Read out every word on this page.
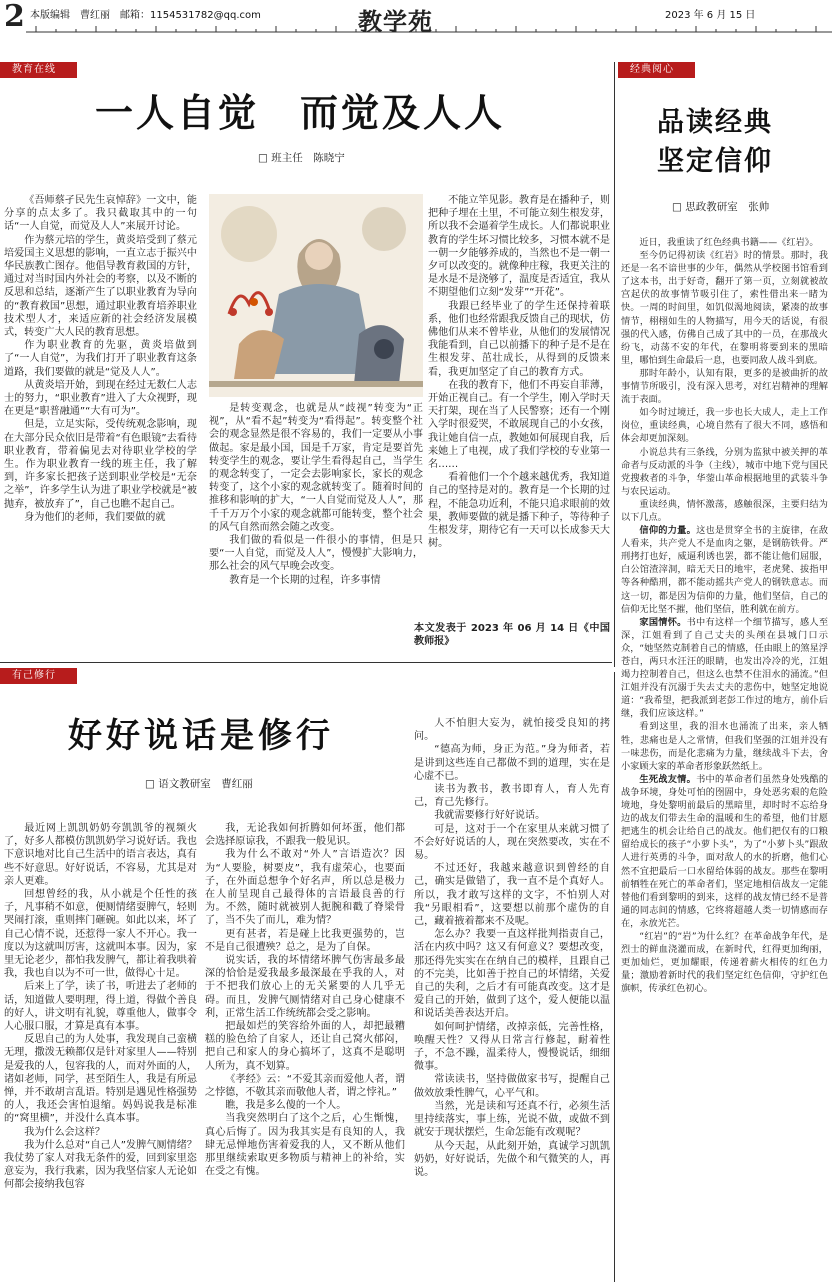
2 本版编辑　曹红丽 邮箱：1154531782@qq.com	教学苑	2023 年 6 月 15 日
教育在线
一人自觉　而觉及人人
□ 班主任　陈晓宁

《吾师蔡孑民先生哀悼辞》一文中，能分享的点太多了。我只截取其中的一句话“一人自觉，而觉及人人”来展开讨论。

作为蔡元培的学生，黄炎培受到了蔡元培爱国主义思想的影响，一直立志于振兴中华民族教亡图存。他倡导教育救国的方针，通过对当时国内外社会的考察，以及不断的反思和总结，逐渐产生了以职业教育为导向的“教育救国”思想，通过职业教育培养职业技术型人才，来适应新的社会经济发展模式，转变广大人民的教育思想。

作为职业教育的先驱，黄炎培做到了“一人自觉”，为我们打开了职业教育这条道路，我们要做的就是“觉及人人”。

从黄炎培开始，到现在经过无数仁人志士的努力，“职业教育”进入了大众视野，现在更是“职普融通”“大有可为”。

但是，立足实际，受传统观念影响，现在大部分民众依旧是带着“有色眼镜”去看待职业教育，带着偏见去对待职业学校的学生。作为职业教育一线的班主任，我了解到，许多家长把孩子送到职业学校是“无奈之举”，许多学生认为进了职业学校就是“被抛弃，被放弃了”，自己也瞧不起自己。

身为他们的老师，我们要做的就

是转变观念，也就是从“歧视”转变为“正视”，从“看不起”转变为“看得起”。转变整个社会的观念显然是很不容易的，我们一定要从小事做起。家是最小国，国是千万家，肯定是要首先转变学生的观念，要让学生看得起自己，当学生的观念转变了，一定会去影响家长，家长的观念转变了，这个小家的观念就转变了。随着时间的推移和影响的扩大，“一人自觉而觉及人人”，那千千万万个小家的观念就都可能转变，整个社会的风气自然而然会随之改变。

我们做的看似是一件很小的事情，但是只要“一人自觉，而觉及人人”，慢慢扩大影响力，那么社会的风气早晚会改变。

教育是一个长期的过程，许多事情

不能立竿见影。教育是在播种子，则把种子埋在土里，不可能立刻生根发芽，所以我不会逼着学生成长。人们都说职业教育的学生坏习惯比较多，习惯本就不是一朝一夕能够养成的，当然也不是一朝一夕可以改变的。就像种庄稼，我更关注的是水是不是浇够了，温度是否适宜，我从不期望他们立刻“发芽”“开花”。

我跟已经毕业了的学生还保持着联系，他们也经常跟我反馈自己的现状，仿佛他们从来不曾毕业，从他们的发展情况我能看到，自己以前播下的种子是不是在生根发芽、茁壮成长，从得到的反馈来看，我更加坚定了自己的教育方式。

在我的教育下，他们不再妄自菲薄，开始正视自己。有一个学生，刚入学时天天打架，现在当了人民警察；还有一个刚入学时很爱哭，不敢展现自己的小女孩，我让她自信一点，教她如何展现自我，后来她上了电视，成了我们学校的专业第一名……

看着他们一个个越来越优秀，我知道自己的坚持是对的。教育是一个长期的过程，不能急功近利，不能只追求眼前的效果，教师要做的就是播下种子，等待种子生根发芽，期待它有一天可以长成参天大树。

本文发表于 2023 年 06 月 14 日《中国教师报》
有己修行
好好说话是修行
□ 语文教研室　曹红丽

最近网上凯凯奶奶夸凯凯爷的视频火了，好多人都模仿凯凯奶学习说好话。我也下意识地对比自己生活中的语言表达，真有些不好意思。好好说话，不容易，尤其是对亲人更难。

回想曾经的我，从小就是个任性的孩子，凡事稍不如意，便厕情绪耍脾气，轻则哭闹打滚，重则摔门砸碗。如此以来，坏了自己心情不说，还惹得一家人不开心。我一度以为这就叫厉害，这就叫本事。因为，家里无论老少，都怕我发脾气，都让着我哄着我，我也自以为不可一世，做得心十足。

后来上了学，读了书，听进去了老师的话，知道做人要明理，得上道，得做个善良的好人，讲文明有礼貌，尊重他人，做事令人心服口服，才算是真有本事。

反思自己的为人处事，我发现自己蛮横无理，撒泼无赖都仅是针对家里人——特别是爱我的人，包容我的人，而对外面的人，诸如老师，同学，甚至陌生人，我是有所忌惮，并不敢胡言乱语。特别是遇见性格强势的人，我还会害怕退缩。妈妈说我是标准的“窝里横”，并没什么真本事。

我为什么会这样？

我为什么总对“自己人”发脾气厕情绪？我仗势了家人对我无条件的爱，回到家里恣意妄为，我行我素，因为我坚信家人无论如何都会接纳我包容

我，无论我如何折腾如何坏蛋，他们都会选择原谅我，不跟我一般见识。

我为什么不敢对“外人”言语造次？因为“人要脸，树要皮”，我有虚荣心，也要面子，在外面总想争个好名声，所以总是极力在人前呈现自己最得体的言语最良善的行为。不然，随时就被别人扼腕和戳了脊梁骨了，当不失了而儿，难为情？

更有甚者，若是碰上比我更强势的，岂不是自己很遭殃？总之，是为了自保。

说实话，我的坏情绪坏脾气伤害最多最深的恰恰是爱我最多最深最在乎我的人，对于不把我们放心上的无关紧要的人几乎无碍。而且，发脾气厕情绪对自己身心健康不利，正常生活工作统统都会受之影响。

把最如烂的笑容给外面的人，却把最糟糕的脸色给了自家人，还让自己窝火郁闷，把自己和家人的身心搞坏了，这真不是聪明人所为，真不划算。

《孝经》云：“不爱其亲而爱他人者，谓之悖德，不敬其亲而敬他人者，谓之悖礼。”

瞧，我是多么傻的一个人。

当我突然明白了这个之后，心生惭愧，真心后悔了。因为我其实是有良知的人，我肆无忌惮地伤害着爱我的人，又不断从他们那里继续索取更多物质与精神上的补给，实在受之有愧。

人不怕胆大妄为，就怕接受良知的拷问。

“德高为师，身正为范。”身为师者，若是讲到这些连自己都做不到的道理，实在是心虚不已。

读书为教书，教书即育人，育人先育己，育己先修行。

我就需要修行好好说话。

可是，这对于一个在家里从来就习惯了不会好好说话的人，现在突然要改，实在不易。

不过还好，我越来越意识到曾经的自己，确实是做错了，我一直不是个真好人。所以，我才敢写这样的文字，不怕别人对我“另眼相看”，这要想以前那个虚伪的自己，藏着掖着都来不及呢。

怎么办？我要一直这样批判指责自己，活在内疚中吗？这又有何意义？要想改变，那还得先实实在在纳自己的模样，且跟自己的不完美，比如善于控自己的坏情绪，关爱自己的失利，之后才有可能真改变。这才是爱自己的开始，做到了这个，爱人便能以温和说话美善表达开启。

如何呵护情绪，改掉亲低，完善性格，唤醒天性？又得从日常言行修起，耐着性子，不急不躁，温柔待人，慢慢说话，细细微事。

常读读书，坚持做做家书写，提醒自己做效放秉性脾气，心平气和。

当然，光是读和写还真不行，必须生活里持续落实，事上练，光说不做，或做不到就安于现状摆烂，生命怎能有改观呢？

从今天起，从此刻开始，真诚学习凯凯奶奶，好好说话，先做个和气微笑的人，再说。

经典阅心
品读经典
坚定信仰
□ 思政教研室　张帅

近日，我重读了红色经典书籍——《红岩》。

至今仍记得初读《红岩》时的情景。那时，我还是一名不谙世事的少年，偶然从学校图书馆看到了这本书，出于好奇，翻开了第一页，立刻就被故宫起伏的故事情节吸引住了，索性借出来一睹为快。一周的时间里，如饥似渴地阅读，紧凑的故事情节，栩栩如生的人物描写，用今天的话说，有很强的代入感，仿佛自己成了其中的一员，在那战火纷飞，动荡不安的年代，在黎明将要到来的黑暗里，哪怕到生命最后一息，也要同敌人战斗到底。

那时年龄小，认知有限，更多的是被曲折的故事情节所吸引，没有深入思考，对红岩精神的理解流于表面。

如今时过境迁，我一步也长大成人，走上工作岗位，重读经典，心境自然有了很大不同，感悟和体会却更加深刻。

小说总共有三条线，分别为监狱中被关押的革命者与反动派的斗争（主线），城市中地下党与国民党搜救者的斗争，华蓥山革命根据地里的武装斗争与农民运动。

重读经典，情怀激荡，感触很深，主要归结为以下几点。

信仰的力量。这也是贯穿全书的主旋律，在敌人看来，共产党人不是血肉之躯，是钢筋铁骨。严刑拷打也好，威逼利诱也罢，都不能让他们屈服，白公馆渣滓洞，暗无天日的地牢，老虎凳、拔指甲等各种酷刑，都不能动摇共产党人的钢铁意志。而这一切，都是因为信仰的力量，他们坚信，自己的信仰无比坚不摧，他们坚信，胜利就在前方。

家国情怀。书中有这样一个细节描写，感人至深，江姐看到了自己丈夫的头颅在县城门口示众，“她坚然克制着自己的情感，任由眼上的煞星浮苍白，两只水汪汪的眼睛，也发出冷冷的光，江姐竭力控制着自己，但这么也禁不住泪水的涌流。”但江姐并没有沉溺于失去丈夫的悲伤中，她坚定地说道：“我希望，把我派到老彭工作过的地方，前仆后继，我们应该这样。”

看到这里，我的泪水也涌流了出来，亲人牺牲，悲痛也是人之常情，但我们坚强的江姐并没有一味悲伤，而是化悲痛为力量，继续战斗下去，舍小家顾大家的革命者形象跃然纸上。

生死战友情。书中的革命者们虽然身处残酷的战争环境，身处可怕的囹圄中，身处恶劣艰的危险境地，身处黎明前最后的黑暗里，却时时不忘给身边的战友们带去生命的温暖和生的希望，他们甘愿把逃生的机会让给自己的战友。他们把仅有的口粮留给成长的孩子“小萝卜头”，为了“小萝卜头”跟敌人进行英勇的斗争，面对敌人的水的折磨，他们心然不宜把最后一口水留给体弱的战友。那些在黎明前牺牲在死亡的革命者们，坚定地相信战友一定能替他们看到黎明的到来，这样的战友情已经不是普通的同志间的情感，它终将超越人类一切情感而存在，永放光芒。

“红岩”的“岩”为什么红？在革命战争年代，是烈士的鲜血浇灌而成，在新时代，红得更加绚丽，更加灿烂，更加耀眼，传递着薪火相传的红色力量；激励着新时代的我们坚定红色信仰，守护红色旗帜，传承红色初心。
